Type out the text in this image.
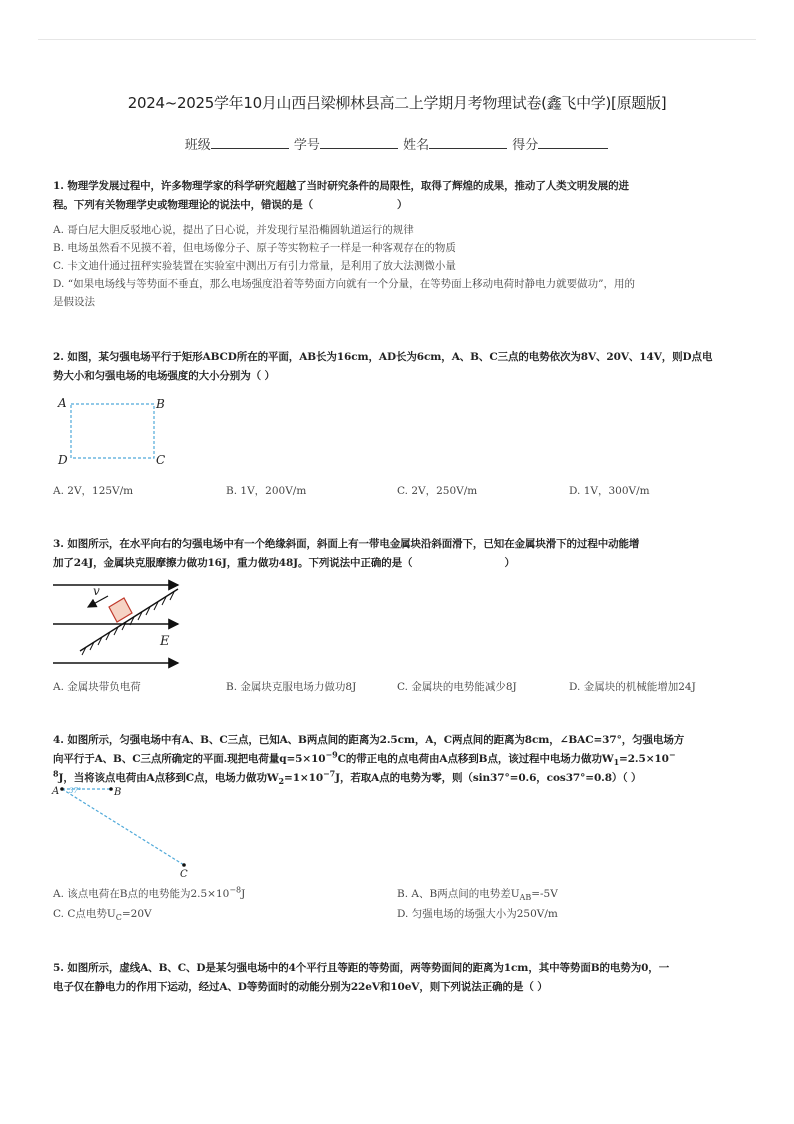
2024~2025学年10月山西吕梁柳林县高二上学期月考物理试卷(鑫飞中学)[原题版]
班级	学号	姓名	得分
1. 物理学发展过程中，许多物理学家的科学研究超越了当时研究条件的局限性，取得了辉煌的成果，推动了人类文明发展的进
程。下列有关物理学史或物理理论的说法中，错误的是（	）
A. 哥白尼大胆反驳地心说，提出了日心说，并发现行星沿椭圆轨道运行的规律
B. 电场虽然看不见摸不着，但电场像分子、原子等实物粒子一样是一种客观存在的物质
C. 卡文迪什通过扭秤实验装置在实验室中测出万有引力常量，是利用了放大法测微小量
D. “如果电场线与等势面不垂直，那么电场强度沿着等势面方向就有一个分量，在等势面上移动电荷时静电力就要做功”，用的
是假设法
2. 如图，某匀强电场平行于矩形ABCD所在的平面，AB长为16cm，AD长为6cm，A、B、C三点的电势依次为8V、20V、14V，则D点电
势大小和匀强电场的电场强度的大小分别为（ ）
A	B
C
D
A. 2V，125V/m	B. 1V，200V/m	C. 2V，250V/m	D. 1V，300V/m
3. 如图所示，在水平向右的匀强电场中有一个绝缘斜面，斜面上有一带电金属块沿斜面滑下，已知在金属块滑下的过程中动能增
加了24J，金属块克服摩擦力做功16J，重力做功48J。下列说法中正确的是（	）
v
E
A. 金属块带负电荷	B. 金属块克服电场力做功8J	C. 金属块的电势能减少8J	D. 金属块的机械能增加24J
4. 如图所示，匀强电场中有A、B、C三点，已知A、B两点间的距离为2.5cm，A，C两点间的距离为8cm，∠BAC=37°，匀强电场方
向平行于A、B、C三点所确定的平面.现把电荷量$q=5\times 10^{-9}C$的带正电的点电荷由A点移到B点，该过程中电场力做功$W_1=2.5\times 10^-$
$^8$J，当将该点电荷由A点移到C点，电场力做功$W_2=1\times 10^{-7}J$，若取A点的电势为零，则（sin37°=0.6，cos37°=0.8）（ ）
A 37°	B
C
A. 该点电荷在B点的电势能为$2.5\times 10^{-8}J$	B. A、B两点间的电势差$U_{AB}=-5V$
C. C点电势$U_C=20V$	D. 匀强电场的场强大小为250V/m
5. 如图所示，虚线A、B、C、D是某匀强电场中的4个平行且等距的等势面，两等势面间的距离为1cm，其中等势面B的电势为0，一
电子仅在静电力的作用下运动，经过A、D等势面时的动能分别为22eV和10eV，则下列说法正确的是（ ）
